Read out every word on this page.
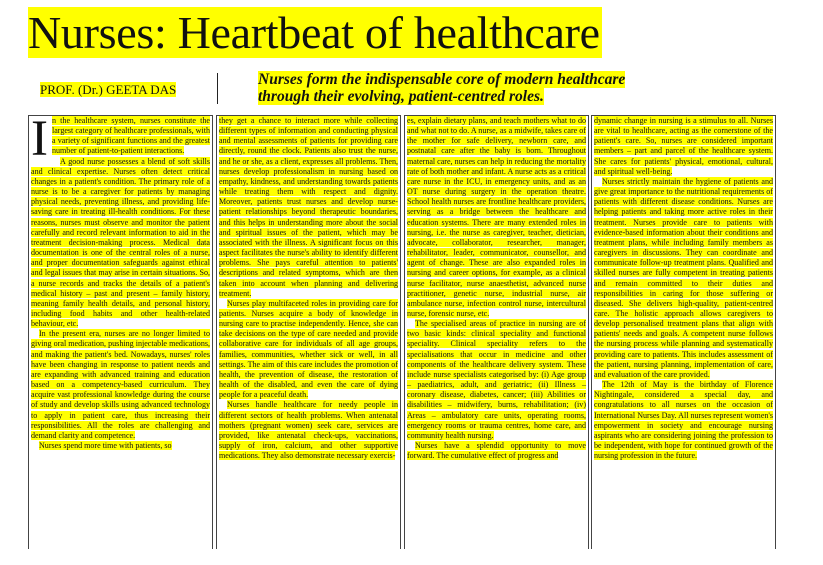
Nurses: Heartbeat of healthcare
PROF. (Dr.) GEETA DAS
Nurses form the indispensable core of modern healthcare through their evolving, patient-centred roles.

In the healthcare system, nurses constitute the largest category of healthcare professionals, with a variety of significant functions and the greatest number of patient-to-patient interactions.

A good nurse possesses a blend of soft skills and clinical expertise. Nurses often detect critical changes in a patient's condition. The primary role of a nurse is to be a caregiver for patients by managing physical needs, preventing illness, and providing life-saving care in treating ill-health conditions. For these reasons, nurses must observe and monitor the patient carefully and record relevant information to aid in the treatment decision-making process. Medical data documentation is one of the central roles of a nurse, and proper documentation safeguards against ethical and legal issues that may arise in certain situations. So, a nurse records and tracks the details of a patient's medical history – past and present – family history, meaning family health details, and personal history, including food habits and other health-related behaviour, etc.

In the present era, nurses are no longer limited to giving oral medication, pushing injectable medications, and making the patient's bed. Nowadays, nurses' roles have been changing in response to patient needs and are expanding with advanced training and education based on a competency-based curriculum. They acquire vast professional knowledge during the course of study and develop skills using advanced technology to apply in patient care, thus increasing their responsibilities. All the roles are challenging and demand clarity and competence.

Nurses spend more time with patients, so

they get a chance to interact more while collecting different types of information and conducting physical and mental assessments of patients for providing care directly, round the clock. Patients also trust the nurse, and he or she, as a client, expresses all problems. Then, nurses develop professionalism in nursing based on empathy, kindness, and understanding towards patients while treating them with respect and dignity. Moreover, patients trust nurses and develop nurse-patient relationships beyond therapeutic boundaries, and this helps in understanding more about the social and spiritual issues of the patient, which may be associated with the illness. A significant focus on this aspect facilitates the nurse's ability to identify different problems. She pays careful attention to patients' descriptions and related symptoms, which are then taken into account when planning and delivering treatment.

Nurses play multifaceted roles in providing care for patients. Nurses acquire a body of knowledge in nursing care to practise independently. Hence, she can take decisions on the type of care needed and provide collaborative care for individuals of all age groups, families, communities, whether sick or well, in all settings. The aim of this care includes the promotion of health, the prevention of disease, the restoration of health of the disabled, and even the care of dying people for a peaceful death.

Nurses handle healthcare for needy people in different sectors of health problems. When antenatal mothers (pregnant women) seek care, services are provided, like antenatal check-ups, vaccinations, supply of iron, calcium, and other supportive medications. They also demonstrate necessary exercis-

es, explain dietary plans, and teach mothers what to do and what not to do. A nurse, as a midwife, takes care of the mother for safe delivery, newborn care, and postnatal care after the baby is born. Throughout maternal care, nurses can help in reducing the mortality rate of both mother and infant. A nurse acts as a critical care nurse in the ICU, in emergency units, and as an OT nurse during surgery in the operation theatre. School health nurses are frontline healthcare providers, serving as a bridge between the healthcare and education systems. There are many extended roles in nursing, i.e. the nurse as caregiver, teacher, dietician, advocate, collaborator, researcher, manager, rehabilitator, leader, communicator, counsellor, and agent of change. These are also expanded roles in nursing and career options, for example, as a clinical nurse facilitator, nurse anaesthetist, advanced nurse practitioner, genetic nurse, industrial nurse, air ambulance nurse, infection control nurse, intercultural nurse, forensic nurse, etc.

The specialised areas of practice in nursing are of two basic kinds: clinical speciality and functional speciality. Clinical speciality refers to the specialisations that occur in medicine and other components of the healthcare delivery system. These include nurse specialists categorised by: (i) Age group – paediatrics, adult, and geriatric; (ii) Illness – coronary disease, diabetes, cancer; (iii) Abilities or disabilities – midwifery, burns, rehabilitation; (iv) Areas – ambulatory care units, operating rooms, emergency rooms or trauma centres, home care, and community health nursing.

Nurses have a splendid opportunity to move forward. The cumulative effect of progress and

dynamic change in nursing is a stimulus to all. Nurses are vital to healthcare, acting as the cornerstone of the patient's care. So, nurses are considered important members – part and parcel of the healthcare system. She cares for patients' physical, emotional, cultural, and spiritual well-being.

Nurses strictly maintain the hygiene of patients and give great importance to the nutritional requirements of patients with different disease conditions. Nurses are helping patients and taking more active roles in their treatment. Nurses provide care to patients with evidence-based information about their conditions and treatment plans, while including family members as caregivers in discussions. They can coordinate and communicate follow-up treatment plans. Qualified and skilled nurses are fully competent in treating patients and remain committed to their duties and responsibilities in caring for those suffering or diseased. She delivers high-quality, patient-centred care. The holistic approach allows caregivers to develop personalised treatment plans that align with patients' needs and goals. A competent nurse follows the nursing process while planning and systematically providing care to patients. This includes assessment of the patient, nursing planning, implementation of care, and evaluation of the care provided.

The 12th of May is the birthday of Florence Nightingale, considered a special day, and congratulations to all nurses on the occasion of International Nurses Day. All nurses represent women's empowerment in society and encourage nursing aspirants who are considering joining the profession to be independent, with hope for continued growth of the nursing profession in the future.
